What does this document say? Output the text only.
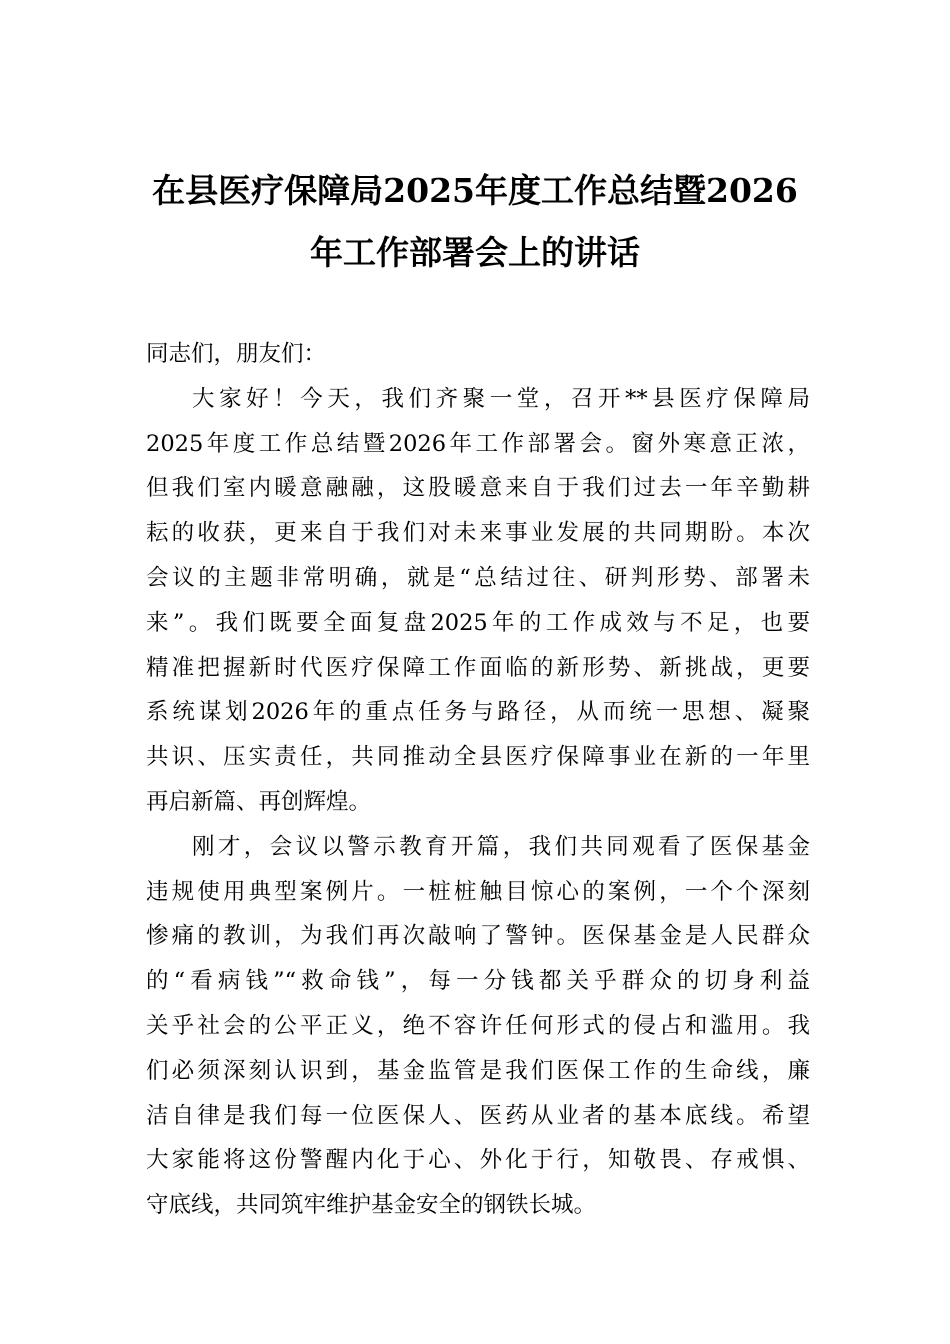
在县医疗保障局2025年度工作总结暨2026
年工作部署会上的讲话
同志们，朋友们：
大家好！今天，我们齐聚一堂，召开**县医疗保障局
2025年度工作总结暨2026年工作部署会。窗外寒意正浓，
但我们室内暖意融融，这股暖意来自于我们过去一年辛勤耕
耘的收获，更来自于我们对未来事业发展的共同期盼。本次
会议的主题非常明确，就是“总结过往、研判形势、部署未
来”。我们既要全面复盘2025年的工作成效与不足，也要
精准把握新时代医疗保障工作面临的新形势、新挑战，更要
系统谋划2026年的重点任务与路径，从而统一思想、凝聚
共识、压实责任，共同推动全县医疗保障事业在新的一年里
再启新篇、再创辉煌。
刚才，会议以警示教育开篇，我们共同观看了医保基金
违规使用典型案例片。一桩桩触目惊心的案例，一个个深刻
惨痛的教训，为我们再次敲响了警钟。医保基金是人民群众
的“看病钱”“救命钱”，每一分钱都关乎群众的切身利益
关乎社会的公平正义，绝不容许任何形式的侵占和滥用。我
们必须深刻认识到，基金监管是我们医保工作的生命线，廉
洁自律是我们每一位医保人、医药从业者的基本底线。希望
大家能将这份警醒内化于心、外化于行，知敬畏、存戒惧、
守底线，共同筑牢维护基金安全的钢铁长城。
